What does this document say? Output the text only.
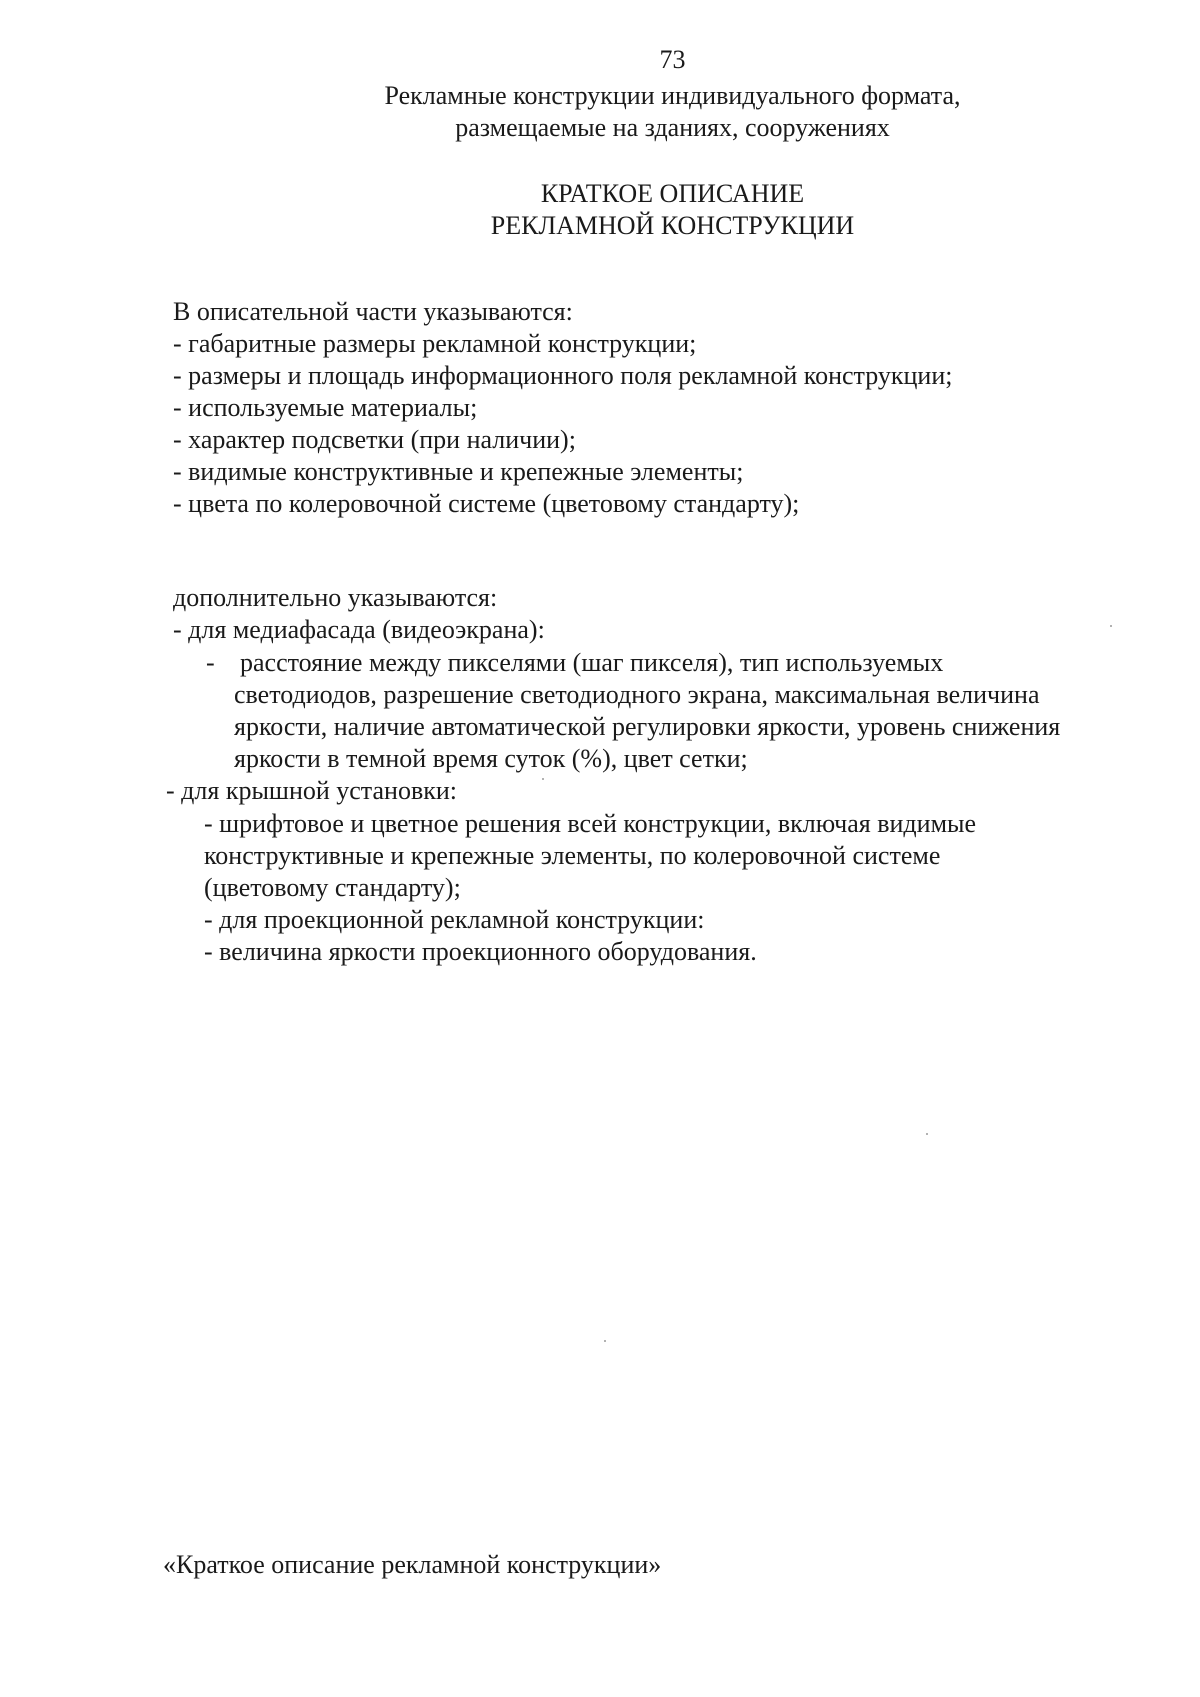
73
Рекламные конструкции индивидуального формата,
размещаемые на зданиях, сооружениях
КРАТКОЕ ОПИСАНИЕ
РЕКЛАМНОЙ КОНСТРУКЦИИ
В описательной части указываются:
- габаритные размеры рекламной конструкции;
- размеры и площадь информационного поля рекламной конструкции;
- используемые материалы;
- характер подсветки (при наличии);
- видимые конструктивные и крепежные элементы;
- цвета по колеровочной системе (цветовому стандарту);
дополнительно указываются:
- для медиафасада (видеоэкрана):
- расстояние между пикселями (шаг пикселя), тип используемых
светодиодов, разрешение светодиодного экрана, максимальная величина
яркости, наличие автоматической регулировки яркости, уровень снижения
яркости в темной время суток (%), цвет сетки;
- для крышной установки:
- шрифтовое и цветное решения всей конструкции, включая видимые
конструктивные и крепежные элементы, по колеровочной системе
(цветовому стандарту);
- для проекционной рекламной конструкции:
- величина яркости проекционного оборудования.
«Краткое описание рекламной конструкции»
